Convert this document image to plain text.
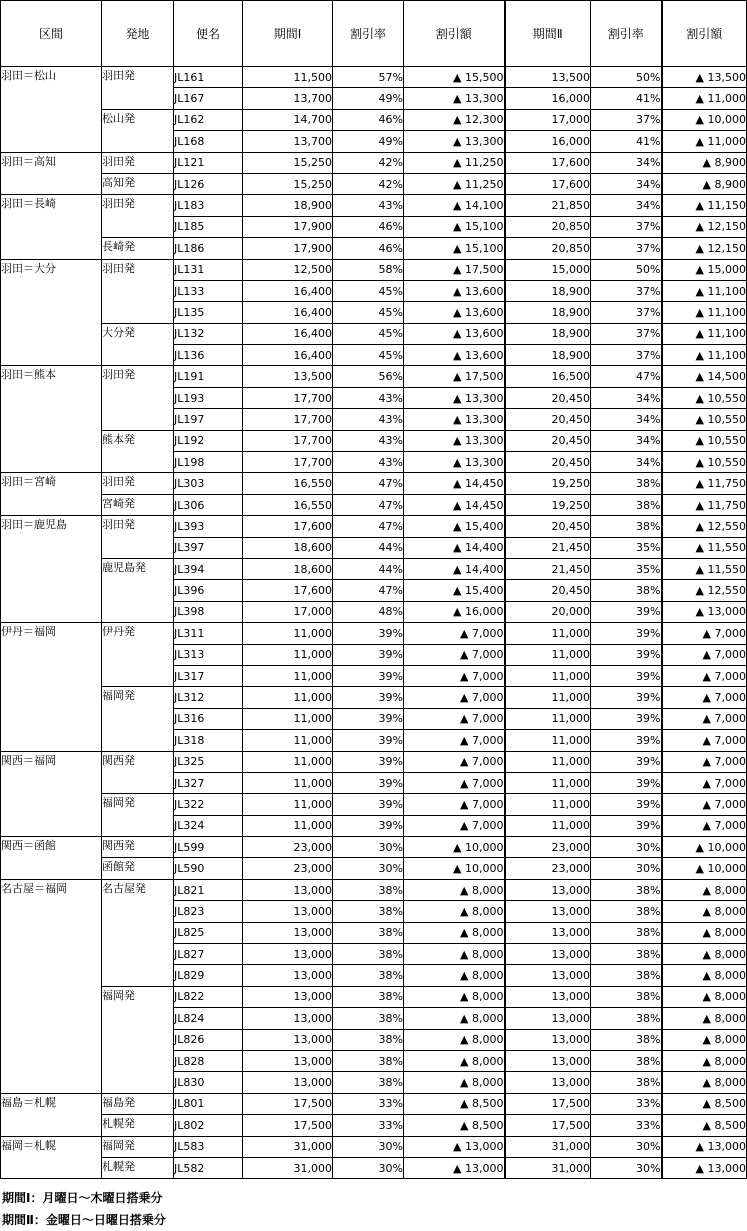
区間	発地	便名	期間Ⅰ	割引率	割引額	期間Ⅱ	割引率	割引額
羽田＝松山	羽田発	JL161	11,500	57%	▲ 15,500	13,500	50%	▲ 13,500
		JL167	13,700	49%	▲ 13,300	16,000	41%	▲ 11,000
	松山発	JL162	14,700	46%	▲ 12,300	17,000	37%	▲ 10,000
		JL168	13,700	49%	▲ 13,300	16,000	41%	▲ 11,000
羽田＝高知	羽田発	JL121	15,250	42%	▲ 11,250	17,600	34%	▲ 8,900
	高知発	JL126	15,250	42%	▲ 11,250	17,600	34%	▲ 8,900
羽田＝長崎	羽田発	JL183	18,900	43%	▲ 14,100	21,850	34%	▲ 11,150
		JL185	17,900	46%	▲ 15,100	20,850	37%	▲ 12,150
	長崎発	JL186	17,900	46%	▲ 15,100	20,850	37%	▲ 12,150
羽田＝大分	羽田発	JL131	12,500	58%	▲ 17,500	15,000	50%	▲ 15,000
		JL133	16,400	45%	▲ 13,600	18,900	37%	▲ 11,100
		JL135	16,400	45%	▲ 13,600	18,900	37%	▲ 11,100
	大分発	JL132	16,400	45%	▲ 13,600	18,900	37%	▲ 11,100
		JL136	16,400	45%	▲ 13,600	18,900	37%	▲ 11,100
羽田＝熊本	羽田発	JL191	13,500	56%	▲ 17,500	16,500	47%	▲ 14,500
		JL193	17,700	43%	▲ 13,300	20,450	34%	▲ 10,550
		JL197	17,700	43%	▲ 13,300	20,450	34%	▲ 10,550
	熊本発	JL192	17,700	43%	▲ 13,300	20,450	34%	▲ 10,550
		JL198	17,700	43%	▲ 13,300	20,450	34%	▲ 10,550
羽田＝宮崎	羽田発	JL303	16,550	47%	▲ 14,450	19,250	38%	▲ 11,750
	宮崎発	JL306	16,550	47%	▲ 14,450	19,250	38%	▲ 11,750
羽田＝鹿児島	羽田発	JL393	17,600	47%	▲ 15,400	20,450	38%	▲ 12,550
		JL397	18,600	44%	▲ 14,400	21,450	35%	▲ 11,550
	鹿児島発	JL394	18,600	44%	▲ 14,400	21,450	35%	▲ 11,550
		JL396	17,600	47%	▲ 15,400	20,450	38%	▲ 12,550
		JL398	17,000	48%	▲ 16,000	20,000	39%	▲ 13,000
伊丹＝福岡	伊丹発	JL311	11,000	39%	▲ 7,000	11,000	39%	▲ 7,000
		JL313	11,000	39%	▲ 7,000	11,000	39%	▲ 7,000
		JL317	11,000	39%	▲ 7,000	11,000	39%	▲ 7,000
	福岡発	JL312	11,000	39%	▲ 7,000	11,000	39%	▲ 7,000
		JL316	11,000	39%	▲ 7,000	11,000	39%	▲ 7,000
		JL318	11,000	39%	▲ 7,000	11,000	39%	▲ 7,000
関西＝福岡	関西発	JL325	11,000	39%	▲ 7,000	11,000	39%	▲ 7,000
		JL327	11,000	39%	▲ 7,000	11,000	39%	▲ 7,000
	福岡発	JL322	11,000	39%	▲ 7,000	11,000	39%	▲ 7,000
		JL324	11,000	39%	▲ 7,000	11,000	39%	▲ 7,000
関西＝函館	関西発	JL599	23,000	30%	▲ 10,000	23,000	30%	▲ 10,000
	函館発	JL590	23,000	30%	▲ 10,000	23,000	30%	▲ 10,000
名古屋＝福岡	名古屋発	JL821	13,000	38%	▲ 8,000	13,000	38%	▲ 8,000
		JL823	13,000	38%	▲ 8,000	13,000	38%	▲ 8,000
		JL825	13,000	38%	▲ 8,000	13,000	38%	▲ 8,000
		JL827	13,000	38%	▲ 8,000	13,000	38%	▲ 8,000
		JL829	13,000	38%	▲ 8,000	13,000	38%	▲ 8,000
	福岡発	JL822	13,000	38%	▲ 8,000	13,000	38%	▲ 8,000
		JL824	13,000	38%	▲ 8,000	13,000	38%	▲ 8,000
		JL826	13,000	38%	▲ 8,000	13,000	38%	▲ 8,000
		JL828	13,000	38%	▲ 8,000	13,000	38%	▲ 8,000
		JL830	13,000	38%	▲ 8,000	13,000	38%	▲ 8,000
福島＝札幌	福島発	JL801	17,500	33%	▲ 8,500	17,500	33%	▲ 8,500
	札幌発	JL802	17,500	33%	▲ 8,500	17,500	33%	▲ 8,500
福岡＝札幌	福岡発	JL583	31,000	30%	▲ 13,000	31,000	30%	▲ 13,000
	札幌発	JL582	31,000	30%	▲ 13,000	31,000	30%	▲ 13,000
期間Ⅰ：月曜日～木曜日搭乗分
期間Ⅱ：金曜日～日曜日搭乗分
